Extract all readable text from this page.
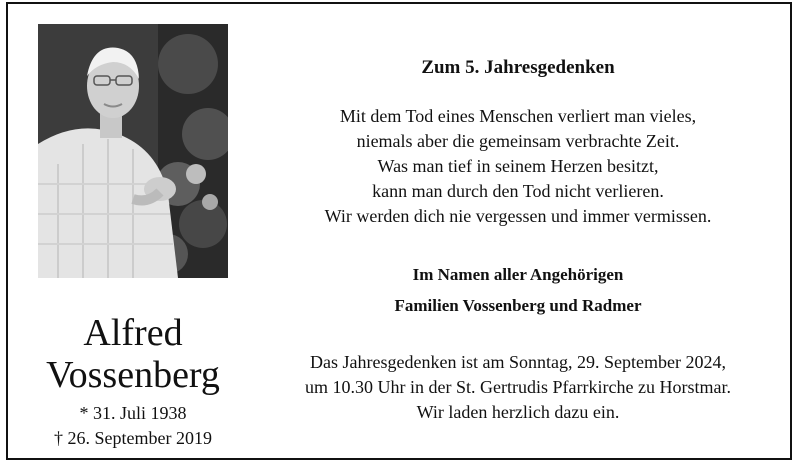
Alfred
Vossenberg
* 31. Juli 1938
† 26. September 2019
Zum 5. Jahresgedenken
Mit dem Tod eines Menschen verliert man vieles,
niemals aber die gemeinsam verbrachte Zeit.
Was man tief in seinem Herzen besitzt,
kann man durch den Tod nicht verlieren.
Wir werden dich nie vergessen und immer vermissen.
Im Namen aller Angehörigen
Familien Vossenberg und Radmer
Das Jahresgedenken ist am Sonntag, 29. September 2024,
um 10.30 Uhr in der St. Gertrudis Pfarrkirche zu Horstmar.
Wir laden herzlich dazu ein.
